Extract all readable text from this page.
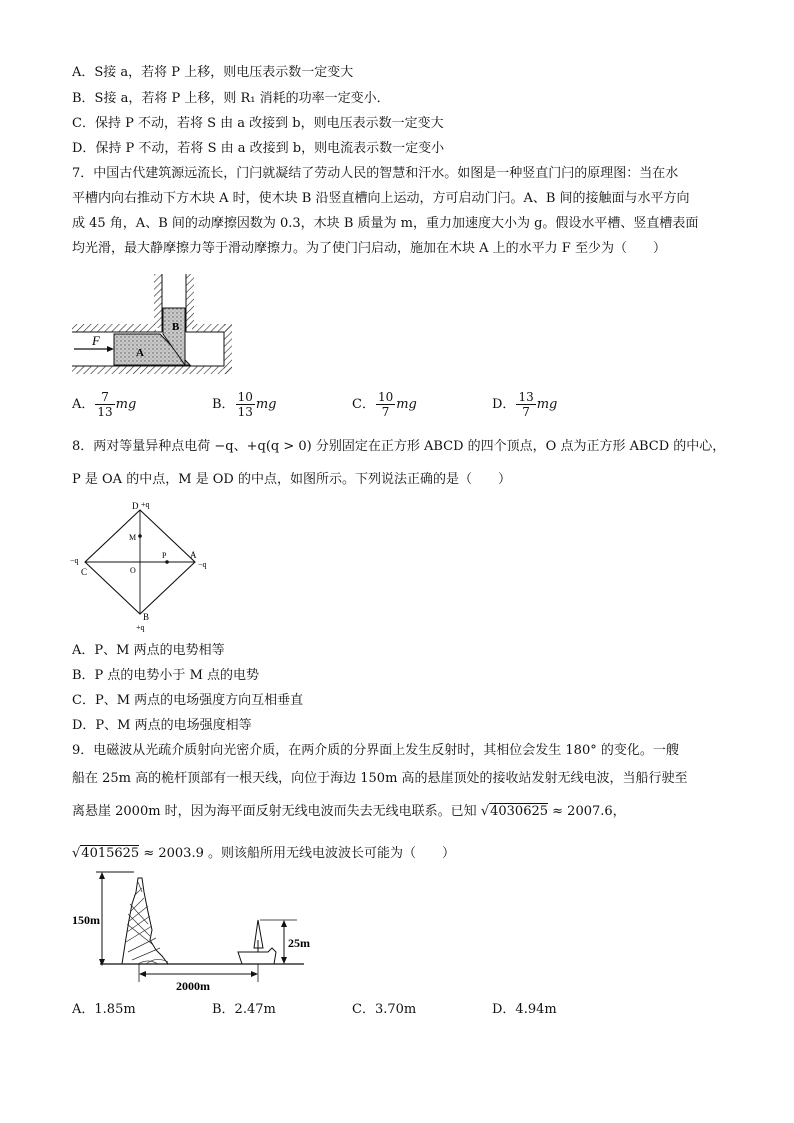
A．S接 a，若将 P 上移，则电压表示数一定变大
B．S接 a，若将 P 上移，则 R₁ 消耗的功率一定变小．
C．保持 P 不动，若将 S 由 a 改接到 b，则电压表示数一定变大
D．保持 P 不动，若将 S 由 a 改接到 b，则电流表示数一定变小
7．中国古代建筑源远流长，门闩就凝结了劳动人民的智慧和汗水。如图是一种竖直门闩的原理图：当在水
平槽内向右推动下方木块 A 时，使木块 B 沿竖直槽向上运动，方可启动门闩。A、B 间的接触面与水平方向
成 45 角，A、B 间的动摩擦因数为 0.3，木块 B 质量为 m，重力加速度大小为 g。假设水平槽、竖直槽表面
均光滑，最大静摩擦力等于滑动摩擦力。为了使门闩启动，施加在木块 A 上的水平力 F 至少为（　　）
F
A
B
A． $\frac{7}{13}$ mg	B． $\frac{10}{13}$ mg	C． $\frac{10}{7}$ mg	D． $\frac{13}{7}$ mg
8．两对等量异种点电荷 −q、+q(q > 0) 分别固定在正方形 ABCD 的四个顶点，O 点为正方形 ABCD 的中心，
P 是 OA 的中点，M 是 OD 的中点，如图所示。下列说法正确的是（　　）
D +q
M
P	A
−q
−q
C	O
B
+q
A．P、M 两点的电势相等
B．P 点的电势小于 M 点的电势
C．P、M 两点的电场强度方向互相垂直
D．P、M 两点的电场强度相等
9．电磁波从光疏介质射向光密介质，在两介质的分界面上发生反射时，其相位会发生 180° 的变化。一艘
船在 25m 高的桅杆顶部有一根天线，向位于海边 150m 高的悬崖顶处的接收站发射无线电波，当船行驶至
离悬崖 2000m 时，因为海平面反射无线电波而失去无线电联系。已知 √4030625 ≈ 2007.6，
√4015625 ≈ 2003.9 。则该船所用无线电波波长可能为（　　）
150m
25m
2000m
A．1.85m	B．2.47m	C．3.70m	D．4.94m
